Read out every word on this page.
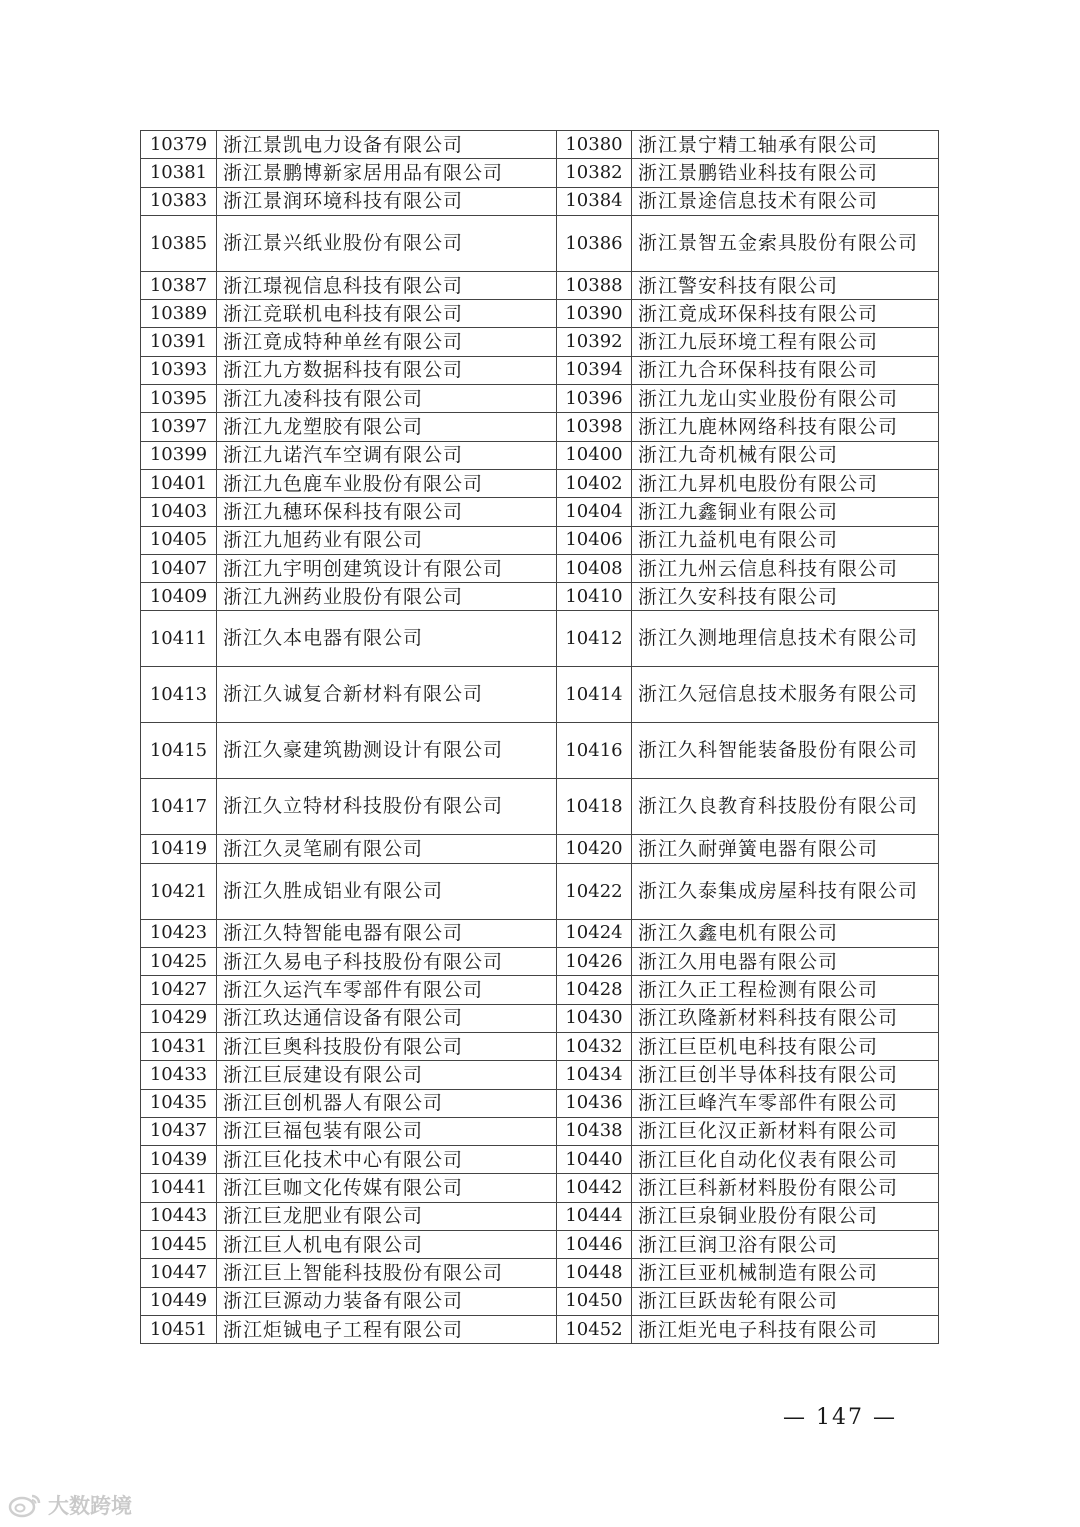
10379	浙江景凯电力设备有限公司	10380	浙江景宁精工轴承有限公司
10381	浙江景鹏博新家居用品有限公司	10382	浙江景鹏锆业科技有限公司
10383	浙江景润环境科技有限公司	10384	浙江景途信息技术有限公司
10385	浙江景兴纸业股份有限公司	10386	浙江景智五金索具股份有限公司
10387	浙江璟视信息科技有限公司	10388	浙江警安科技有限公司
10389	浙江竞联机电科技有限公司	10390	浙江竟成环保科技有限公司
10391	浙江竟成特种单丝有限公司	10392	浙江九辰环境工程有限公司
10393	浙江九方数据科技有限公司	10394	浙江九合环保科技有限公司
10395	浙江九凌科技有限公司	10396	浙江九龙山实业股份有限公司
10397	浙江九龙塑胶有限公司	10398	浙江九鹿林网络科技有限公司
10399	浙江九诺汽车空调有限公司	10400	浙江九奇机械有限公司
10401	浙江九色鹿车业股份有限公司	10402	浙江九昇机电股份有限公司
10403	浙江九穗环保科技有限公司	10404	浙江九鑫铜业有限公司
10405	浙江九旭药业有限公司	10406	浙江九益机电有限公司
10407	浙江九宇明创建筑设计有限公司	10408	浙江九州云信息科技有限公司
10409	浙江九洲药业股份有限公司	10410	浙江久安科技有限公司
10411	浙江久本电器有限公司	10412	浙江久测地理信息技术有限公司
10413	浙江久诚复合新材料有限公司	10414	浙江久冠信息技术服务有限公司
10415	浙江久豪建筑勘测设计有限公司	10416	浙江久科智能装备股份有限公司
10417	浙江久立特材科技股份有限公司	10418	浙江久良教育科技股份有限公司
10419	浙江久灵笔刷有限公司	10420	浙江久耐弹簧电器有限公司
10421	浙江久胜成铝业有限公司	10422	浙江久泰集成房屋科技有限公司
10423	浙江久特智能电器有限公司	10424	浙江久鑫电机有限公司
10425	浙江久易电子科技股份有限公司	10426	浙江久用电器有限公司
10427	浙江久运汽车零部件有限公司	10428	浙江久正工程检测有限公司
10429	浙江玖达通信设备有限公司	10430	浙江玖隆新材料科技有限公司
10431	浙江巨奥科技股份有限公司	10432	浙江巨臣机电科技有限公司
10433	浙江巨辰建设有限公司	10434	浙江巨创半导体科技有限公司
10435	浙江巨创机器人有限公司	10436	浙江巨峰汽车零部件有限公司
10437	浙江巨福包装有限公司	10438	浙江巨化汉正新材料有限公司
10439	浙江巨化技术中心有限公司	10440	浙江巨化自动化仪表有限公司
10441	浙江巨咖文化传媒有限公司	10442	浙江巨科新材料股份有限公司
10443	浙江巨龙肥业有限公司	10444	浙江巨泉铜业股份有限公司
10445	浙江巨人机电有限公司	10446	浙江巨润卫浴有限公司
10447	浙江巨上智能科技股份有限公司	10448	浙江巨亚机械制造有限公司
10449	浙江巨源动力装备有限公司	10450	浙江巨跃齿轮有限公司
10451	浙江炬铖电子工程有限公司	10452	浙江炬光电子科技有限公司
— 147 —
大数跨境
